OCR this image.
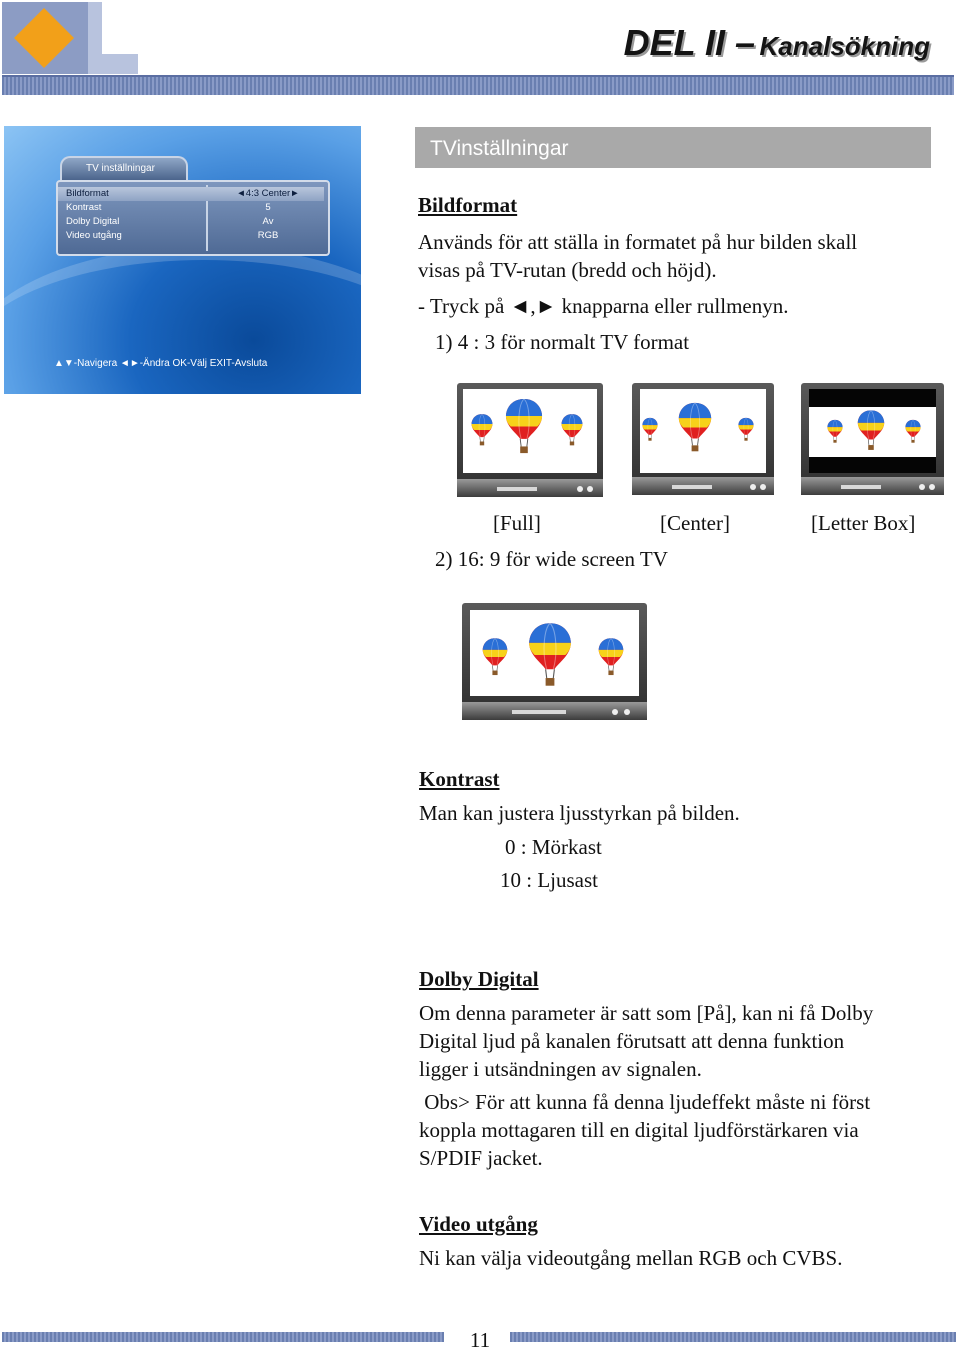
DEL II – Kanalsökning
TV inställningar
Bildformat	◄4:3 Center►
Kontrast	5
Dolby Digital	Av
Video utgång	RGB
▲▼-Navigera ◄►-Ändra OK-Välj EXIT-Avsluta
TVinställningar
Bildformat
Används för att ställa in formatet på hur bilden skall
visas på TV-rutan (bredd och höjd).
- Tryck på ◄,► knapparna eller rullmenyn.
1) 4 : 3 för normalt TV format
[Full]	[Center]	[Letter Box]
2) 16: 9 för wide screen TV
Kontrast
Man kan justera ljusstyrkan på bilden.
0 : Mörkast
10 : Ljusast
Dolby Digital
Om denna parameter är satt som [På], kan ni få Dolby
Digital ljud på kanalen förutsatt att denna funktion
ligger i utsändningen av signalen.
Obs> För att kunna få denna ljudeffekt måste ni först
koppla mottagaren till en digital ljudförstärkaren via
S/PDIF jacket.
Video utgång
Ni kan välja videoutgång mellan RGB och CVBS.
11
